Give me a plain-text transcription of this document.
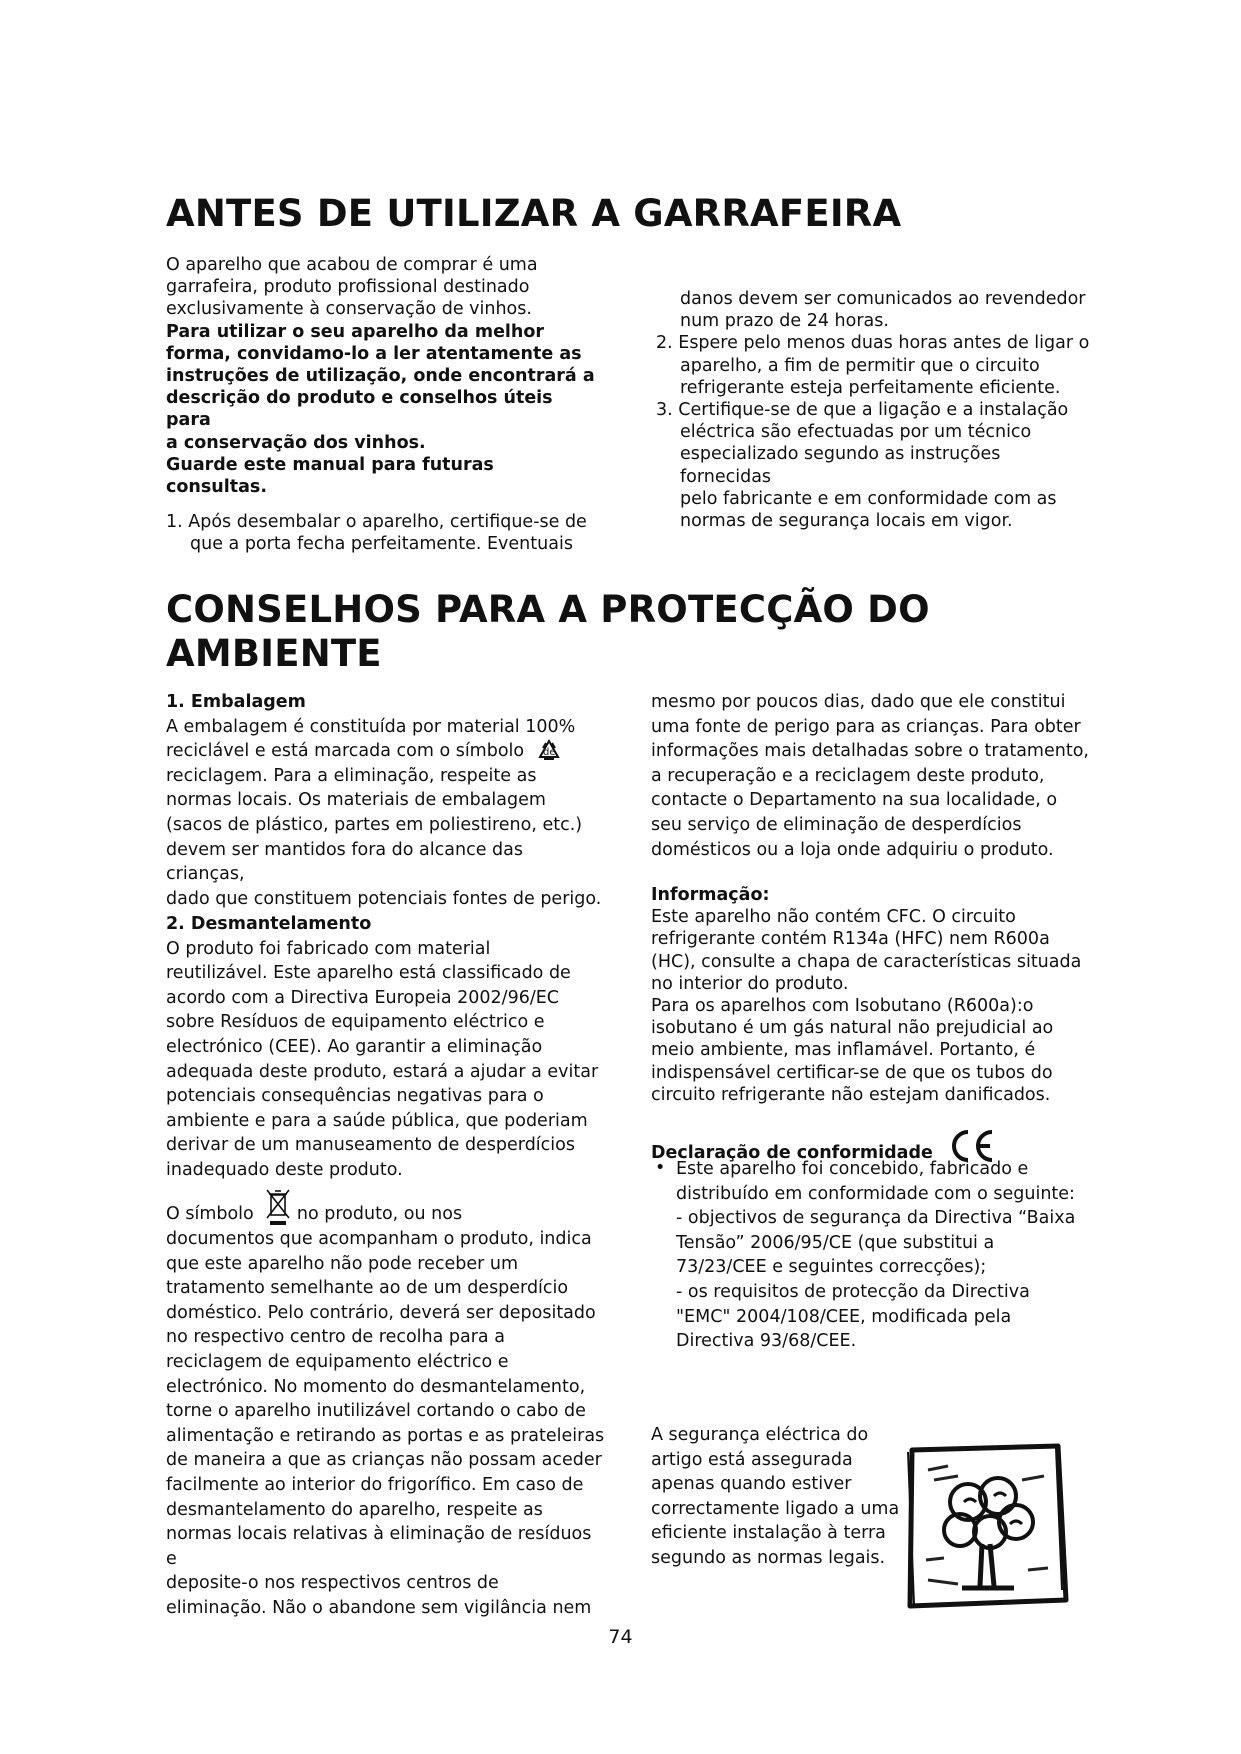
ANTES DE UTILIZAR A GARRAFEIRA

O aparelho que acabou de comprar é uma

garrafeira, produto profissional destinado

exclusivamente à conservação de vinhos.

Para utilizar o seu aparelho da melhor

forma, convidamo-lo a ler atentamente as

instruções de utilização, onde encontrará a

descrição do produto e conselhos úteis para

a conservação dos vinhos.

Guarde este manual para futuras consultas.

1. Após desembalar o aparelho, certifique-se de

que a porta fecha perfeitamente. Eventuais

danos devem ser comunicados ao revendedor

num prazo de 24 horas.

2. Espere pelo menos duas horas antes de ligar o

aparelho, a fim de permitir que o circuito

refrigerante esteja perfeitamente eficiente.

3. Certifique-se de que a ligação e a instalação

eléctrica são efectuadas por um técnico

especializado segundo as instruções fornecidas

pelo fabricante e em conformidade com as

normas de segurança locais em vigor.

CONSELHOS PARA A PROTECÇÃO DO
AMBIENTE

1. Embalagem

A embalagem é constituída por material 100%

reciclável e está marcada com o símbolo de

reciclagem. Para a eliminação, respeite as

normas locais. Os materiais de embalagem

(sacos de plástico, partes em poliestireno, etc.)

devem ser mantidos fora do alcance das crianças,

dado que constituem potenciais fontes de perigo.

2. Desmantelamento

O produto foi fabricado com material

reutilizável. Este aparelho está classificado de

acordo com a Directiva Europeia 2002/96/EC

sobre Resíduos de equipamento eléctrico e

electrónico (CEE). Ao garantir a eliminação

adequada deste produto, estará a ajudar a evitar

potenciais consequências negativas para o

ambiente e para a saúde pública, que poderiam

derivar de um manuseamento de desperdícios

inadequado deste produto.

O símbolo no produto, ou nos

documentos que acompanham o produto, indica

que este aparelho não pode receber um

tratamento semelhante ao de um desperdício

doméstico. Pelo contrário, deverá ser depositado

no respectivo centro de recolha para a

reciclagem de equipamento eléctrico e

electrónico. No momento do desmantelamento,

torne o aparelho inutilizável cortando o cabo de

alimentação e retirando as portas e as prateleiras

de maneira a que as crianças não possam aceder

facilmente ao interior do frigorífico. Em caso de

desmantelamento do aparelho, respeite as

normas locais relativas à eliminação de resíduos e

deposite-o nos respectivos centros de

eliminação. Não o abandone sem vigilância nem

mesmo por poucos dias, dado que ele constitui

uma fonte de perigo para as crianças. Para obter

informações mais detalhadas sobre o tratamento,

a recuperação e a reciclagem deste produto,

contacte o Departamento na sua localidade, o

seu serviço de eliminação de desperdícios

domésticos ou a loja onde adquiriu o produto.

Informação:

Este aparelho não contém CFC. O circuito

refrigerante contém R134a (HFC) nem R600a

(HC), consulte a chapa de características situada

no interior do produto.

Para os aparelhos com Isobutano (R600a):o

isobutano é um gás natural não prejudicial ao

meio ambiente, mas inflamável. Portanto, é

indispensável certificar-se de que os tubos do

circuito refrigerante não estejam danificados.

Declaração de conformidade
• Este aparelho foi concebido, fabricado e

distribuído em conformidade com o seguinte:

- objectivos de segurança da Directiva “Baixa

Tensão” 2006/95/CE (que substitui a

73/23/CEE e seguintes correcções);

- os requisitos de protecção da Directiva

"EMC" 2004/108/CEE, modificada pela

Directiva 93/68/CEE.

A segurança eléctrica do

artigo está assegurada

apenas quando estiver

correctamente ligado a uma

eficiente instalação à terra

segundo as normas legais.

74
